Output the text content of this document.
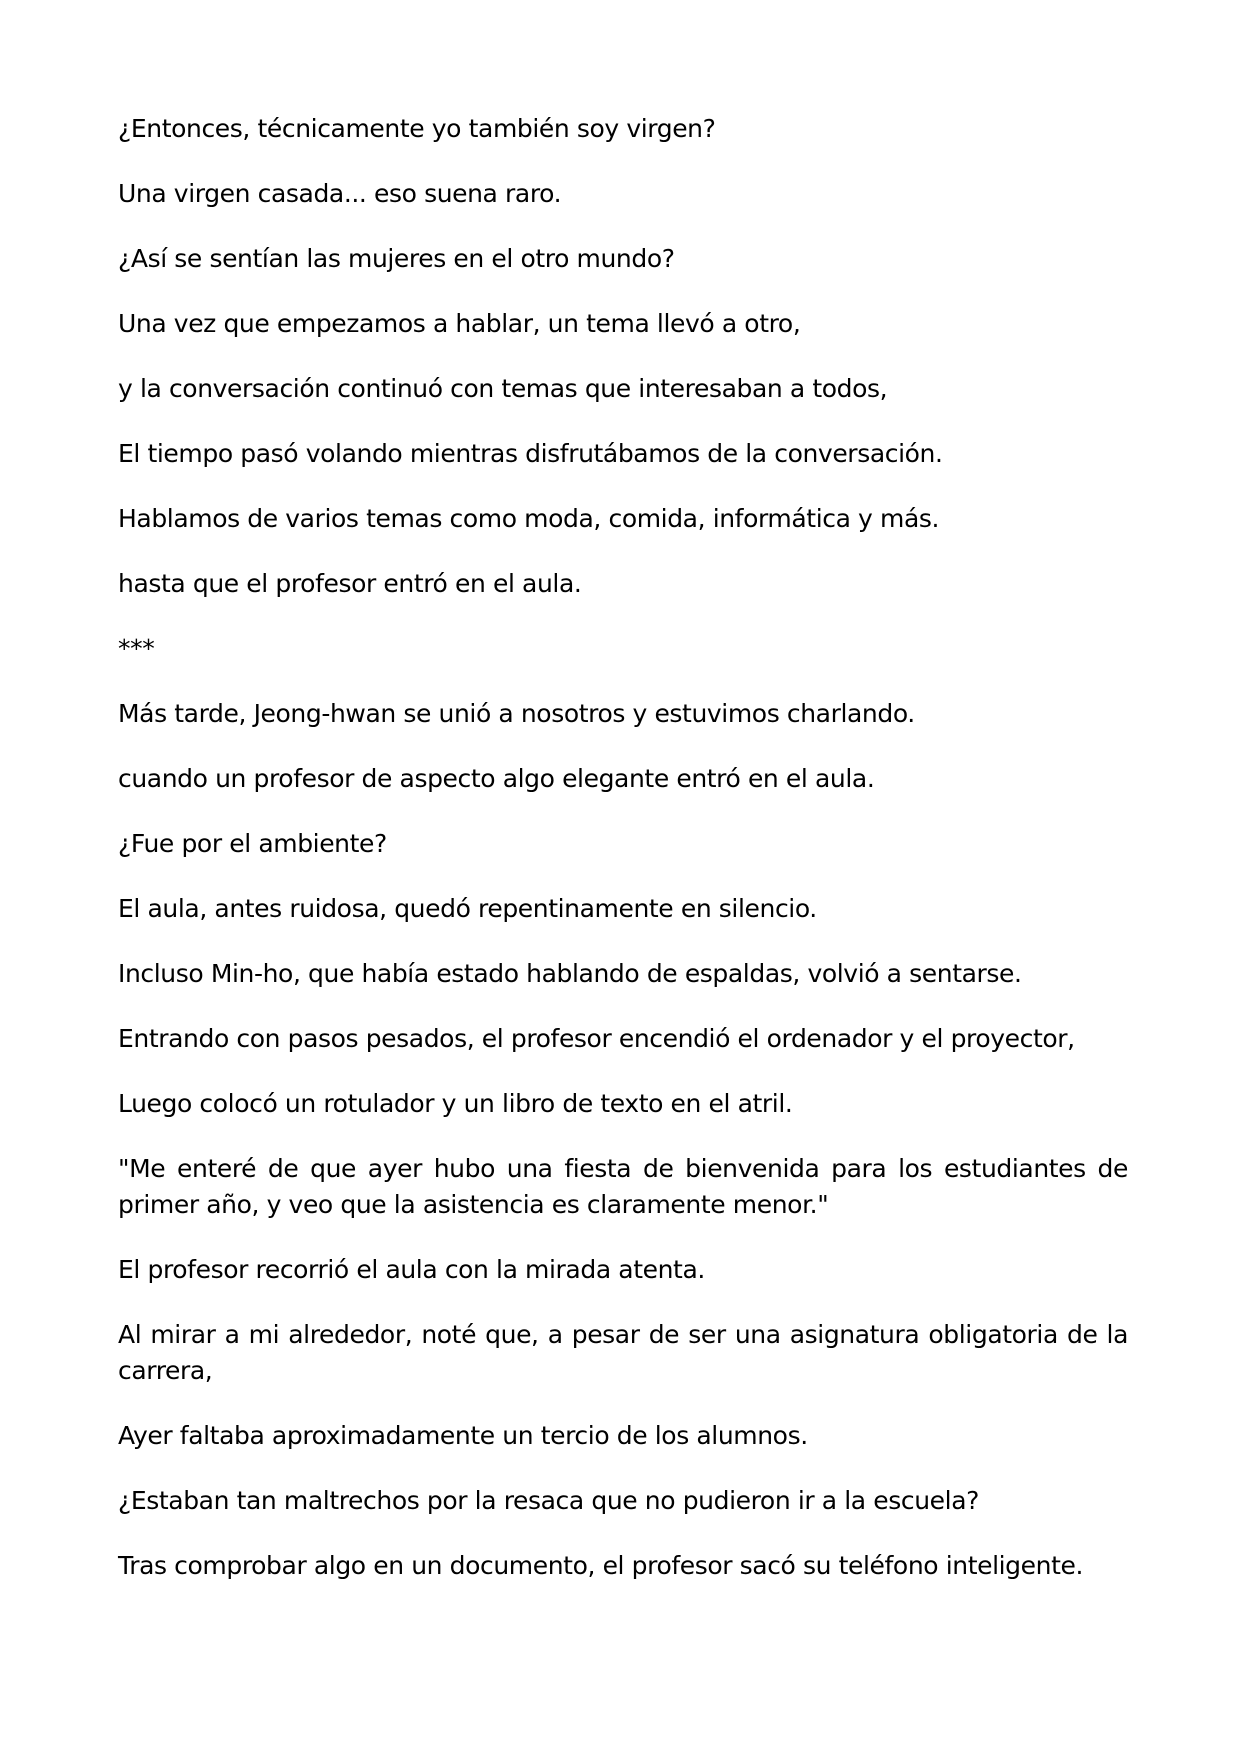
¿Entonces, técnicamente yo también soy virgen?

Una virgen casada... eso suena raro.

¿Así se sentían las mujeres en el otro mundo?

Una vez que empezamos a hablar, un tema llevó a otro,

y la conversación continuó con temas que interesaban a todos,

El tiempo pasó volando mientras disfrutábamos de la conversación.

Hablamos de varios temas como moda, comida, informática y más.

hasta que el profesor entró en el aula.

***

Más tarde, Jeong-hwan se unió a nosotros y estuvimos charlando.

cuando un profesor de aspecto algo elegante entró en el aula.

¿Fue por el ambiente?

El aula, antes ruidosa, quedó repentinamente en silencio.

Incluso Min-ho, que había estado hablando de espaldas, volvió a sentarse.

Entrando con pasos pesados, el profesor encendió el ordenador y el proyector,

Luego colocó un rotulador y un libro de texto en el atril.

"Me enteré de que ayer hubo una fiesta de bienvenida para los estudiantes de primer año, y veo que la asistencia es claramente menor."

El profesor recorrió el aula con la mirada atenta.

Al mirar a mi alrededor, noté que, a pesar de ser una asignatura obligatoria de la carrera,

Ayer faltaba aproximadamente un tercio de los alumnos.

¿Estaban tan maltrechos por la resaca que no pudieron ir a la escuela?

Tras comprobar algo en un documento, el profesor sacó su teléfono inteligente.
